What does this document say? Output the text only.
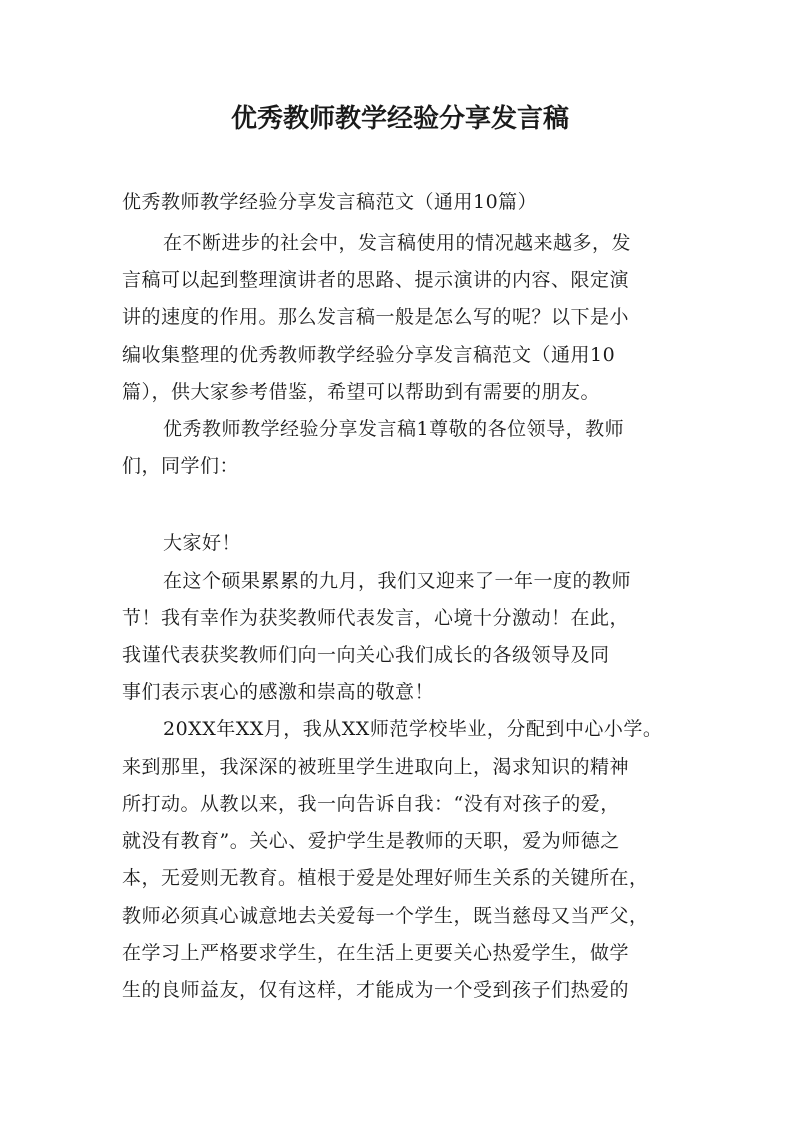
优秀教师教学经验分享发言稿
优秀教师教学经验分享发言稿范文（通用10篇）
在不断进步的社会中，发言稿使用的情况越来越多，发
言稿可以起到整理演讲者的思路、提示演讲的内容、限定演
讲的速度的作用。那么发言稿一般是怎么写的呢？以下是小
编收集整理的优秀教师教学经验分享发言稿范文（通用10
篇），供大家参考借鉴，希望可以帮助到有需要的朋友。
优秀教师教学经验分享发言稿1尊敬的各位领导，教师
们，同学们：
大家好！
在这个硕果累累的九月，我们又迎来了一年一度的教师
节！我有幸作为获奖教师代表发言，心境十分激动！在此，
我谨代表获奖教师们向一向关心我们成长的各级领导及同
事们表示衷心的感激和崇高的敬意！
20XX年XX月，我从XX师范学校毕业，分配到中心小学。
来到那里，我深深的被班里学生进取向上，渴求知识的精神
所打动。从教以来，我一向告诉自我：“没有对孩子的爱，
就没有教育”。关心、爱护学生是教师的天职，爱为师德之
本，无爱则无教育。植根于爱是处理好师生关系的关键所在，
教师必须真心诚意地去关爱每一个学生，既当慈母又当严父，
在学习上严格要求学生，在生活上更要关心热爱学生，做学
生的良师益友，仅有这样，才能成为一个受到孩子们热爱的
